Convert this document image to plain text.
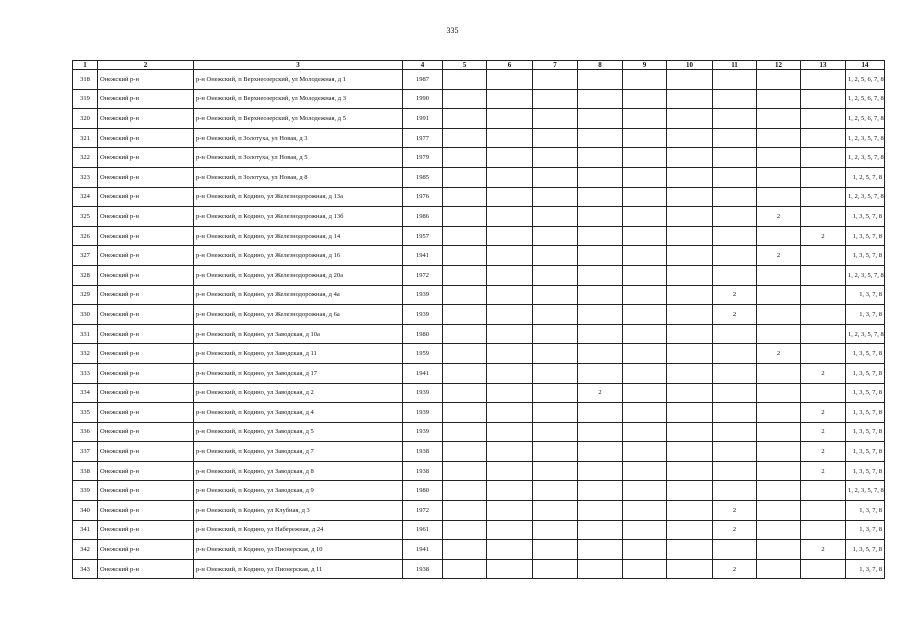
335
1	2	3	4	5	6	7	8	9	10	11	12	13	14
318	Онежский р-н	р-н Онежский, п Верхнеозерский, ул Молодежная, д 1	1987										1, 2, 5, 6, 7, 8
319	Онежский р-н	р-н Онежский, п Верхнеозерский, ул Молодежная, д 3	1990										1, 2, 5, 6, 7, 8
320	Онежский р-н	р-н Онежский, п Верхнеозерский, ул Молодежная, д 5	1991										1, 2, 5, 6, 7, 8
321	Онежский р-н	р-н Онежский, п Золотуха, ул Новая, д 3	1977										1, 2, 3, 5, 7, 8
322	Онежский р-н	р-н Онежский, п Золотуха, ул Новая, д 5	1979										1, 2, 3, 5, 7, 8
323	Онежский р-н	р-н Онежский, п Золотуха, ул Новая, д 8	1985										1, 2, 5, 7, 8
324	Онежский р-н	р-н Онежский, п Кодино, ул Железнодорожная, д 13а	1976										1, 2, 3, 5, 7, 8
325	Онежский р-н	р-н Онежский, п Кодино, ул Железнодорожная, д 13б	1986								2		1, 3, 5, 7, 8
326	Онежский р-н	р-н Онежский, п Кодино, ул Железнодорожная, д 14	1957									2	1, 3, 5, 7, 8
327	Онежский р-н	р-н Онежский, п Кодино, ул Железнодорожная, д 16	1941								2		1, 3, 5, 7, 8
328	Онежский р-н	р-н Онежский, п Кодино, ул Железнодорожная, д 20а	1972										1, 2, 3, 5, 7, 8
329	Онежский р-н	р-н Онежский, п Кодино, ул Железнодорожная, д 4а	1939							2			1, 3, 7, 8
330	Онежский р-н	р-н Онежский, п Кодино, ул Железнодорожная, д 6а	1939							2			1, 3, 7, 8
331	Онежский р-н	р-н Онежский, п Кодино, ул Заводская, д 10а	1980										1, 2, 3, 5, 7, 8
332	Онежский р-н	р-н Онежский, п Кодино, ул Заводская, д 11	1959								2		1, 3, 5, 7, 8
333	Онежский р-н	р-н Онежский, п Кодино, ул Заводская, д 17	1941									2	1, 3, 5, 7, 8
334	Онежский р-н	р-н Онежский, п Кодино, ул Заводская, д 2	1939				2						1, 3, 5, 7, 8
335	Онежский р-н	р-н Онежский, п Кодино, ул Заводская, д 4	1939									2	1, 3, 5, 7, 8
336	Онежский р-н	р-н Онежский, п Кодино, ул Заводская, д 5	1939									2	1, 3, 5, 7, 8
337	Онежский р-н	р-н Онежский, п Кодино, ул Заводская, д 7	1938									2	1, 3, 5, 7, 8
338	Онежский р-н	р-н Онежский, п Кодино, ул Заводская, д 8	1938									2	1, 3, 5, 7, 8
339	Онежский р-н	р-н Онежский, п Кодино, ул Заводская, д 9	1980										1, 2, 3, 5, 7, 8
340	Онежский р-н	р-н Онежский, п Кодино, ул Клубная, д 3	1972							2			1, 3, 7, 8
341	Онежский р-н	р-н Онежский, п Кодино, ул Набережная, д 24	1961							2			1, 3, 7, 8
342	Онежский р-н	р-н Онежский, п Кодино, ул Пионерская, д 10	1941									2	1, 3, 5, 7, 8
343	Онежский р-н	р-н Онежский, п Кодино, ул Пионерская, д 11	1938							2			1, 3, 7, 8
